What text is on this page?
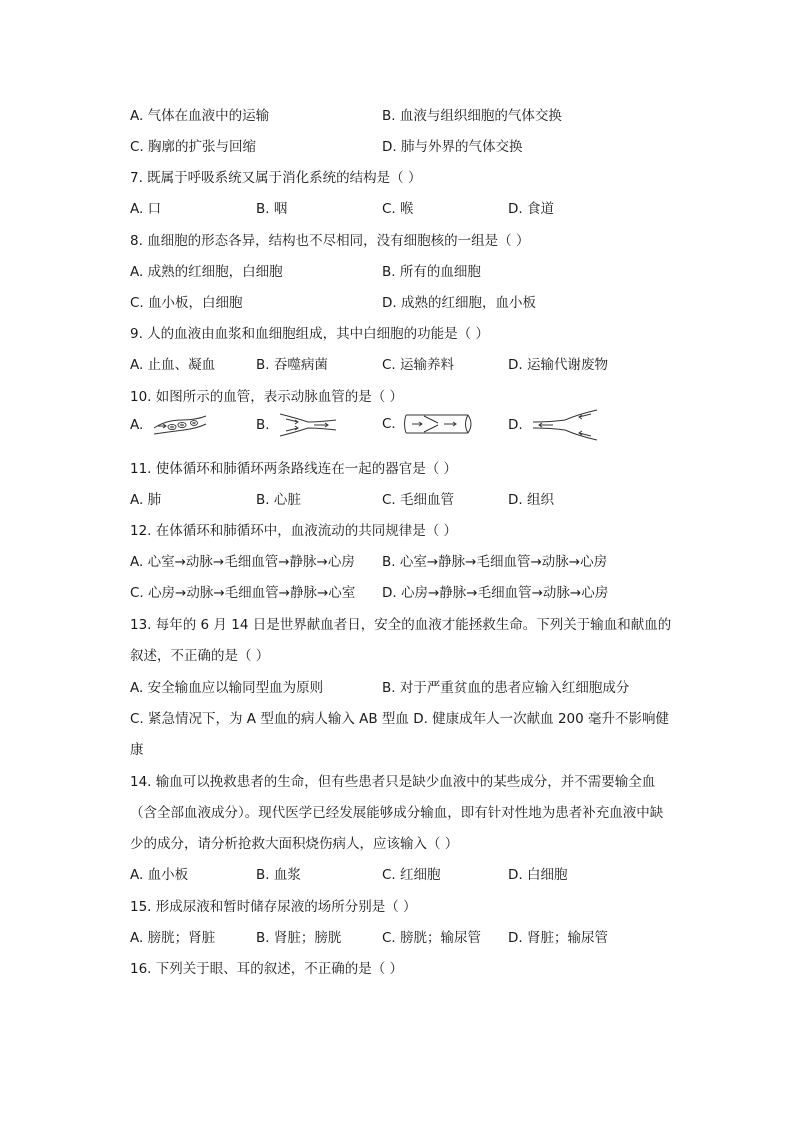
A. 气体在血液中的运输	B. 血液与组织细胞的气体交换
C. 胸廓的扩张与回缩	D. 肺与外界的气体交换
7. 既属于呼吸系统又属于消化系统的结构是（ ）
A. 口	B. 咽	C. 喉	D. 食道
8. 血细胞的形态各异，结构也不尽相同，没有细胞核的一组是（ ）
A. 成熟的红细胞，白细胞	B. 所有的血细胞
C. 血小板，白细胞	D. 成熟的红细胞，血小板
9. 人的血液由血浆和血细胞组成，其中白细胞的功能是（ ）
A. 止血、凝血	B. 吞噬病菌	C. 运输养料	D. 运输代谢废物
10. 如图所示的血管，表示动脉血管的是（ ）
A.	B.	C.	D.
11. 使体循环和肺循环两条路线连在一起的器官是（ ）
A. 肺	B. 心脏	C. 毛细血管	D. 组织
12. 在体循环和肺循环中，血液流动的共同规律是（ ）
A. 心室→动脉→毛细血管→静脉→心房 B. 心室→静脉→毛细血管→动脉→心房
C. 心房→动脉→毛细血管→静脉→心室 D. 心房→静脉→毛细血管→动脉→心房
13. 每年的 6 月 14 日是世界献血者日，安全的血液才能拯救生命。下列关于输血和献血的
叙述，不正确的是（ ）
A. 安全输血应以输同型血为原则	B. 对于严重贫血的患者应输入红细胞成分
C. 紧急情况下，为 A 型血的病人输入 AB 型血 D. 健康成年人一次献血 200 毫升不影响健
康
14. 输血可以挽救患者的生命，但有些患者只是缺少血液中的某些成分，并不需要输全血
（含全部血液成分）。现代医学已经发展能够成分输血，即有针对性地为患者补充血液中缺
少的成分，请分析抢救大面积烧伤病人，应该输入（ ）
A. 血小板	B. 血浆	C. 红细胞	D. 白细胞
15. 形成尿液和暂时储存尿液的场所分别是（ ）
A. 膀胱；肾脏	B. 肾脏；膀胱	C. 膀胱；输尿管 D. 肾脏；输尿管
16. 下列关于眼、耳的叙述，不正确的是（ ）
